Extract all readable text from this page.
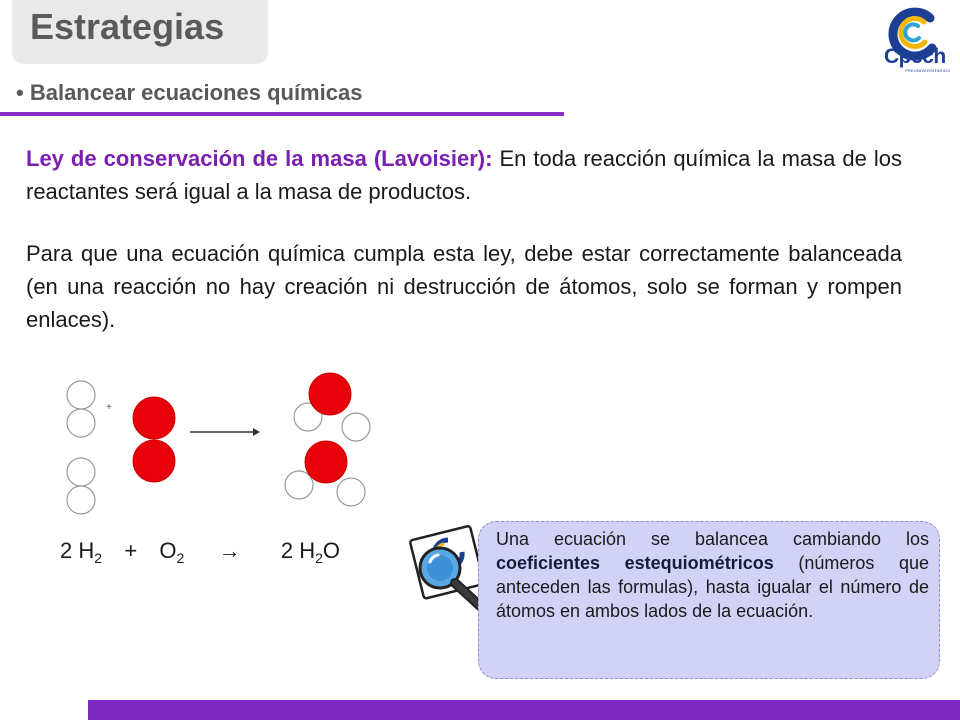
Estrategias
Cpech
PREUNIVERSITARIOS
• Balancear ecuaciones químicas
Ley de conservación de la masa (Lavoisier): En toda reacción química la masa de los reactantes será igual a la masa de productos.
Para que una ecuación química cumpla esta ley, debe estar correctamente balanceada (en una reacción no hay creación ni destrucción de átomos, solo se forman y rompen enlaces).
+
2 $H_2 + O_2 \to 2$ $H_2O$	Una ecuación se balancea cambiando los coeficientes estequiométricos (números que anteceden las formulas), hasta igualar el número de átomos en ambos lados de la ecuación.
